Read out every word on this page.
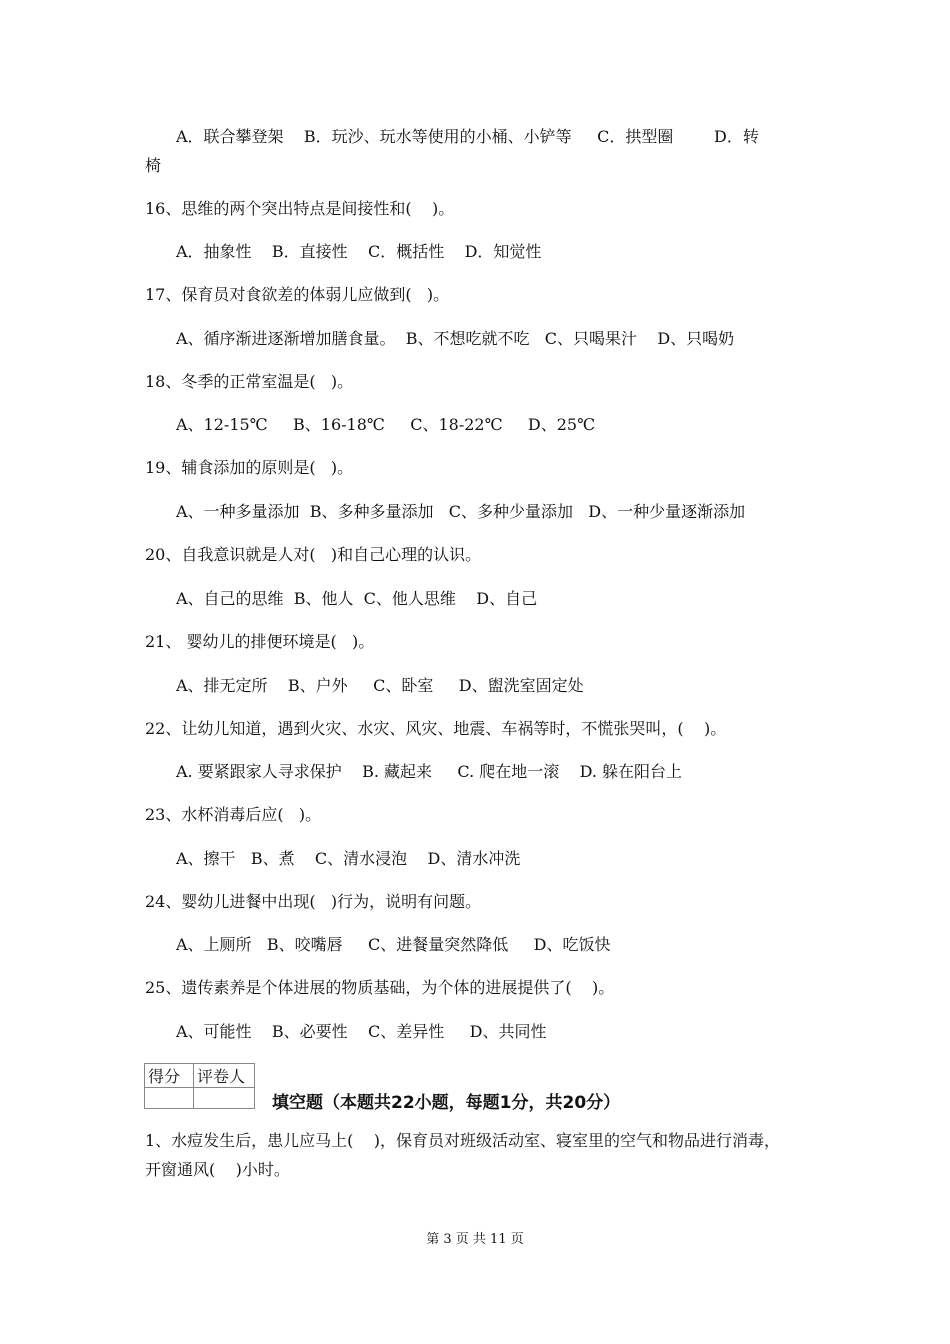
A．联合攀登架    B．玩沙、玩水等使用的小桶、小铲等     C．拱型圈        D．转
椅
16、思维的两个突出特点是间接性和(    )。
A．抽象性    B．直接性    C．概括性    D．知觉性
17、保育员对食欲差的体弱儿应做到(   )。
A、循序渐进逐渐增加膳食量。  B、不想吃就不吃   C、只喝果汁    D、只喝奶
18、冬季的正常室温是(   )。
A、12-15℃     B、16-18℃     C、18-22℃     D、25℃
19、辅食添加的原则是(   )。
A、一种多量添加  B、多种多量添加   C、多种少量添加   D、一种少量逐渐添加
20、自我意识就是人对(   )和自己心理的认识。
A、自己的思维  B、他人  C、他人思维    D、自己
21、 婴幼儿的排便环境是(   )。
A、排无定所    B、户外     C、卧室     D、盥洗室固定处
22、让幼儿知道，遇到火灾、水灾、风灾、地震、车祸等时，不慌张哭叫，(    )。
A. 要紧跟家人寻求保护    B. 藏起来     C. 爬在地一滚    D. 躲在阳台上
23、水杯消毒后应(   )。
A、擦干   B、煮    C、清水浸泡    D、清水冲洗
24、婴幼儿进餐中出现(   )行为，说明有问题。
A、上厕所   B、咬嘴唇     C、进餐量突然降低     D、吃饭快
25、遗传素养是个体进展的物质基础，为个体的进展提供了(    )。
A、可能性    B、必要性    C、差异性     D、共同性
得分	评卷人

填空题（本题共22小题，每题1分，共20分）
1、水痘发生后，患儿应马上(    )，保育员对班级活动室、寝室里的空气和物品进行消毒，
开窗通风(    )小时。
第 3 页 共 11 页
